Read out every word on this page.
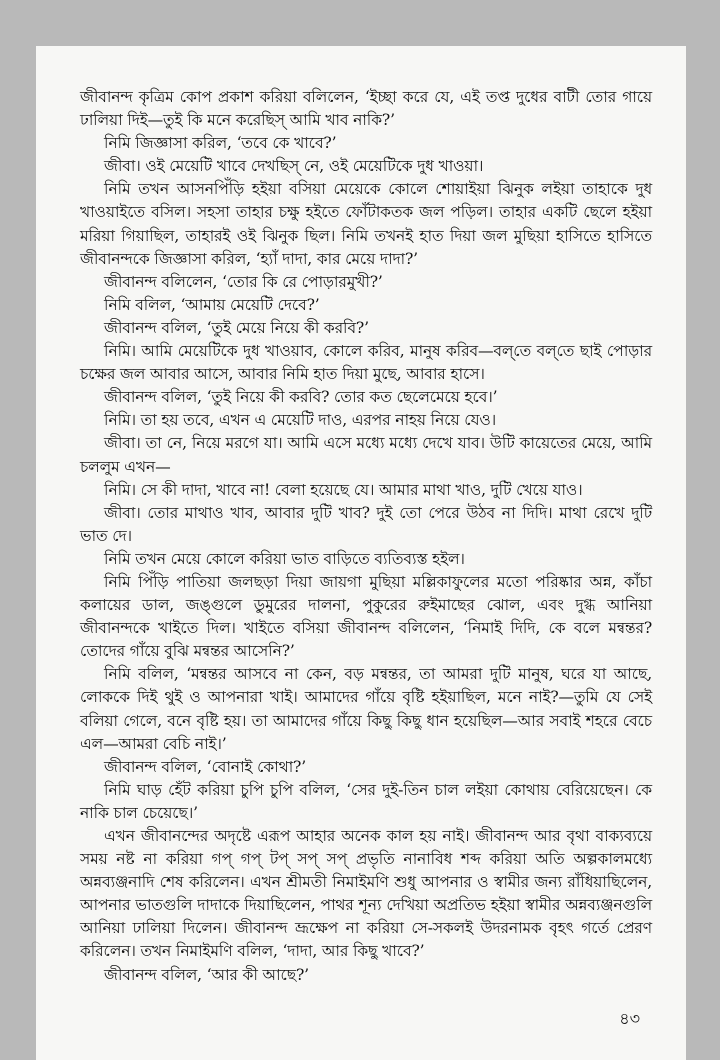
জীবানন্দ কৃত্রিম কোপ প্রকাশ করিয়া বলিলেন, ‘ইচ্ছা করে যে, এই তপ্ত দুধের বাটী তোর গায়ে ঢালিয়া দিই—তুই কি মনে করেছিস্ আমি খাব নাকি?’

নিমি জিজ্ঞাসা করিল, ‘তবে কে খাবে?’

জীবা। ওই মেয়েটি খাবে দেখছিস্ নে, ওই মেয়েটিকে দুধ খাওয়া।

নিমি তখন আসনপিঁড়ি হইয়া বসিয়া মেয়েকে কোলে শোয়াইয়া ঝিনুক লইয়া তাহাকে দুধ খাওয়াইতে বসিল। সহসা তাহার চক্ষু হইতে ফোঁটাকতক জল পড়িল। তাহার একটি ছেলে হইয়া মরিয়া গিয়াছিল, তাহারই ওই ঝিনুক ছিল। নিমি তখনই হাত দিয়া জল মুছিয়া হাসিতে হাসিতে জীবানন্দকে জিজ্ঞাসা করিল, ‘হ্যাঁ দাদা, কার মেয়ে দাদা?’

জীবানন্দ বলিলেন, ‘তোর কি রে পোড়ারমুখী?’

নিমি বলিল, ‘আমায় মেয়েটি দেবে?’

জীবানন্দ বলিল, ‘তুই মেয়ে নিয়ে কী করবি?’

নিমি। আমি মেয়েটিকে দুধ খাওয়াব, কোলে করিব, মানুষ করিব—বল্‌তে বল্‌তে ছাই পোড়ার চক্ষের জল আবার আসে, আবার নিমি হাত দিয়া মুছে, আবার হাসে।

জীবানন্দ বলিল, ‘তুই নিয়ে কী করবি? তোর কত ছেলেমেয়ে হবে।’

নিমি। তা হয় তবে, এখন এ মেয়েটি দাও, এরপর নাহয় নিয়ে যেও।

জীবা। তা নে, নিয়ে মরগে যা। আমি এসে মধ্যে মধ্যে দেখে যাব। উটি কায়েতের মেয়ে, আমি চললুম এখন—

নিমি। সে কী দাদা, খাবে না! বেলা হয়েছে যে। আমার মাথা খাও, দুটি খেয়ে যাও।

জীবা। তোর মাথাও খাব, আবার দুটি খাব? দুই তো পেরে উঠব না দিদি। মাথা রেখে দুটি ভাত দে।

নিমি তখন মেয়ে কোলে করিয়া ভাত বাড়িতে ব্যতিব্যস্ত হইল।

নিমি পিঁড়ি পাতিয়া জলছড়া দিয়া জায়গা মুছিয়া মল্লিকাফুলের মতো পরিষ্কার অন্ন, কাঁচা কলায়ের ডাল, জঙ্গুলে ডুমুরের দালনা, পুকুরের রুইমাছের ঝোল, এবং দুগ্ধ আনিয়া জীবানন্দকে খাইতে দিল। খাইতে বসিয়া জীবানন্দ বলিলেন, ‘নিমাই দিদি, কে বলে মন্বন্তর? তোদের গাঁয়ে বুঝি মন্বন্তর আসেনি?’

নিমি বলিল, ‘মন্বন্তর আসবে না কেন, বড় মন্বন্তর, তা আমরা দুটি মানুষ, ঘরে যা আছে, লোককে দিই থুই ও আপনারা খাই। আমাদের গাঁয়ে বৃষ্টি হইয়াছিল, মনে নাই?—তুমি যে সেই বলিয়া গেলে, বনে বৃষ্টি হয়। তা আমাদের গাঁয়ে কিছু কিছু ধান হয়েছিল—আর সবাই শহরে বেচে এল—আমরা বেচি নাই।’

জীবানন্দ বলিল, ‘বোনাই কোথা?’

নিমি ঘাড় হেঁট করিয়া চুপি চুপি বলিল, ‘সের দুই-তিন চাল লইয়া কোথায় বেরিয়েছেন। কে নাকি চাল চেয়েছে।’

এখন জীবানন্দের অদৃষ্টে এরূপ আহার অনেক কাল হয় নাই। জীবানন্দ আর বৃথা বাক্যব্যয়ে সময় নষ্ট না করিয়া গপ্ গপ্ টপ্ সপ্ সপ্ প্রভৃতি নানাবিধ শব্দ করিয়া অতি অল্পকালমধ্যে অন্নব্যঞ্জনাদি শেষ করিলেন। এখন শ্রীমতী নিমাইমণি শুধু আপনার ও স্বামীর জন্য রাঁধিয়াছিলেন, আপনার ভাতগুলি দাদাকে দিয়াছিলেন, পাথর শূন্য দেখিয়া অপ্রতিভ হইয়া স্বামীর অন্নব্যঞ্জনগুলি আনিয়া ঢালিয়া দিলেন। জীবানন্দ ভ্রূক্ষেপ না করিয়া সে-সকলই উদরনামক বৃহৎ গর্তে প্রেরণ করিলেন। তখন নিমাইমণি বলিল, ‘দাদা, আর কিছু খাবে?’

জীবানন্দ বলিল, ‘আর কী আছে?’

৪৩
